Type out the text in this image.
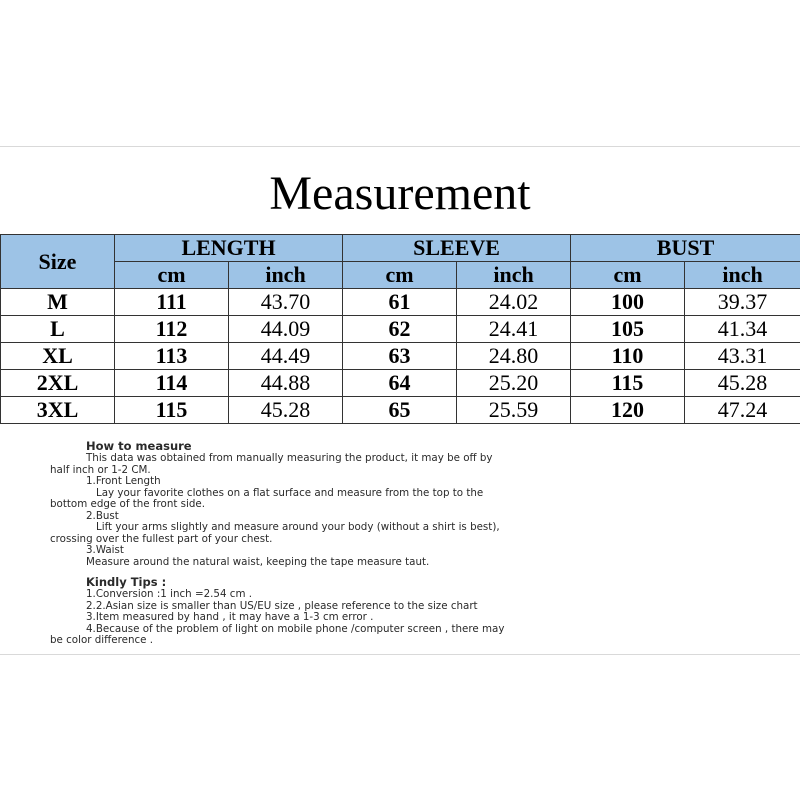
Measurement
Size	LENGTH		SLEEVE		BUST	
	cm	inch	cm	inch	cm	inch
M	111	43.70	61	24.02	100	39.37
L	112	44.09	62	24.41	105	41.34
XL	113	44.49	63	24.80	110	43.31
2XL	114	44.88	64	25.20	115	45.28
3XL	115	45.28	65	25.59	120	47.24

How to measure

This data was obtained from manually measuring the product, it may be off by

half inch or 1-2 CM.

1.Front Length

Lay your favorite clothes on a flat surface and measure from the top to the

bottom edge of the front side.

2.Bust

Lift your arms slightly and measure around your body (without a shirt is best),

crossing over the fullest part of your chest.

3.Waist

Measure around the natural waist, keeping the tape measure taut.

Kindly Tips :

1.Conversion :1 inch =2.54 cm .

2.2.Asian size is smaller than US/EU size , please reference to the size chart

3.Item measured by hand , it may have a 1-3 cm error .

4.Because of the problem of light on mobile phone /computer screen , there may

be color difference .
